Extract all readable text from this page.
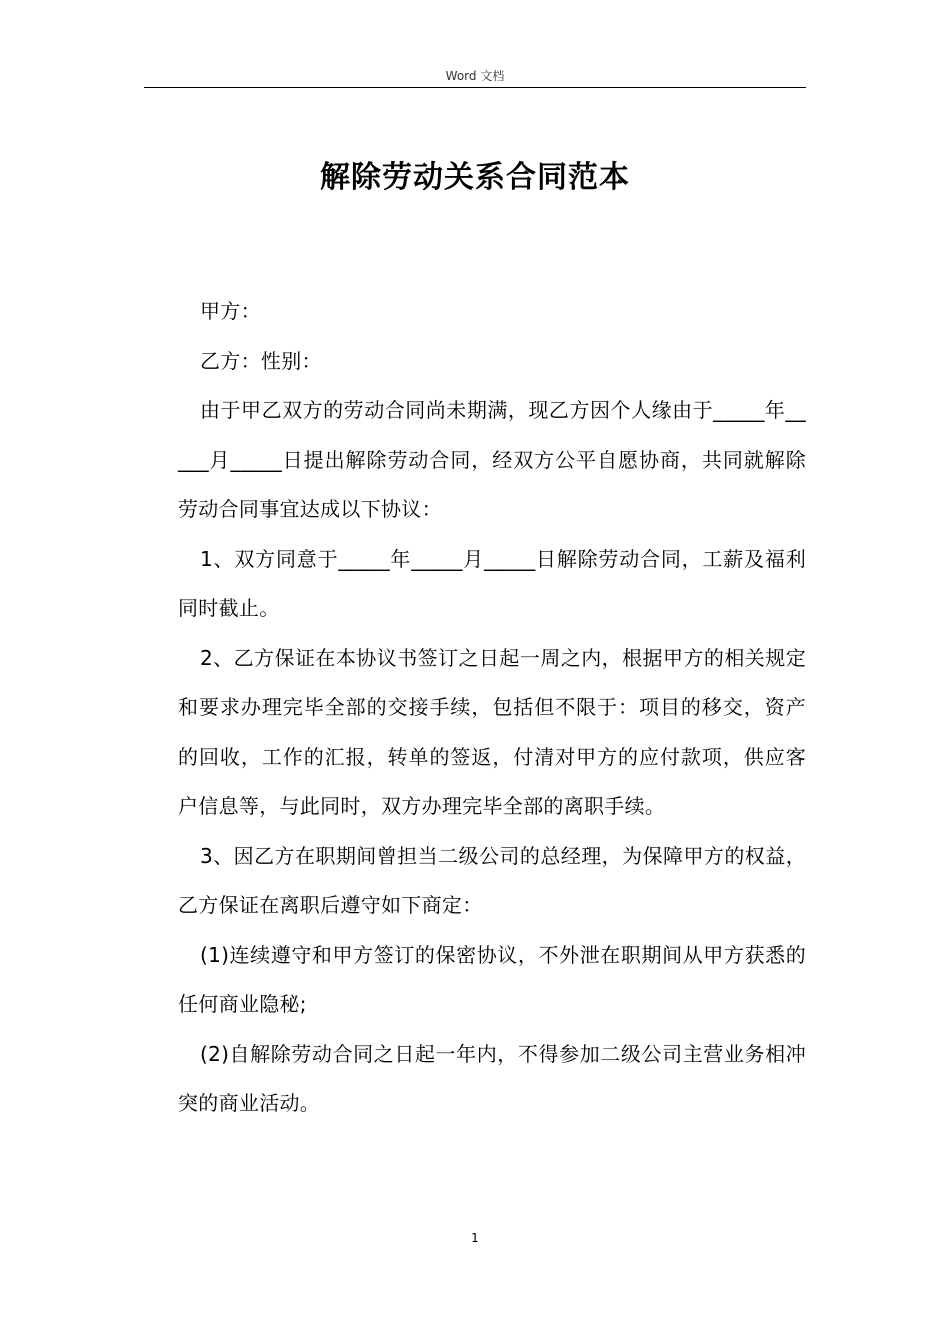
Word 文档
解除劳动关系合同范本

甲方：

乙方：性别：

由于甲乙双方的劳动合同尚未期满，现乙方因个人缘由于_____年_____月_____日提出解除劳动合同，经双方公平自愿协商，共同就解除劳动合同事宜达成以下协议：

1、双方同意于_____年_____月_____日解除劳动合同，工薪及福利同时截止。

2、乙方保证在本协议书签订之日起一周之内，根据甲方的相关规定和要求办理完毕全部的交接手续，包括但不限于：项目的移交，资产的回收，工作的汇报，转单的签返，付清对甲方的应付款项，供应客户信息等，与此同时，双方办理完毕全部的离职手续。

3、因乙方在职期间曾担当二级公司的总经理，为保障甲方的权益，乙方保证在离职后遵守如下商定：

(1)连续遵守和甲方签订的保密协议，不外泄在职期间从甲方获悉的任何商业隐秘;

(2)自解除劳动合同之日起一年内，不得参加二级公司主营业务相冲突的商业活动。

1
